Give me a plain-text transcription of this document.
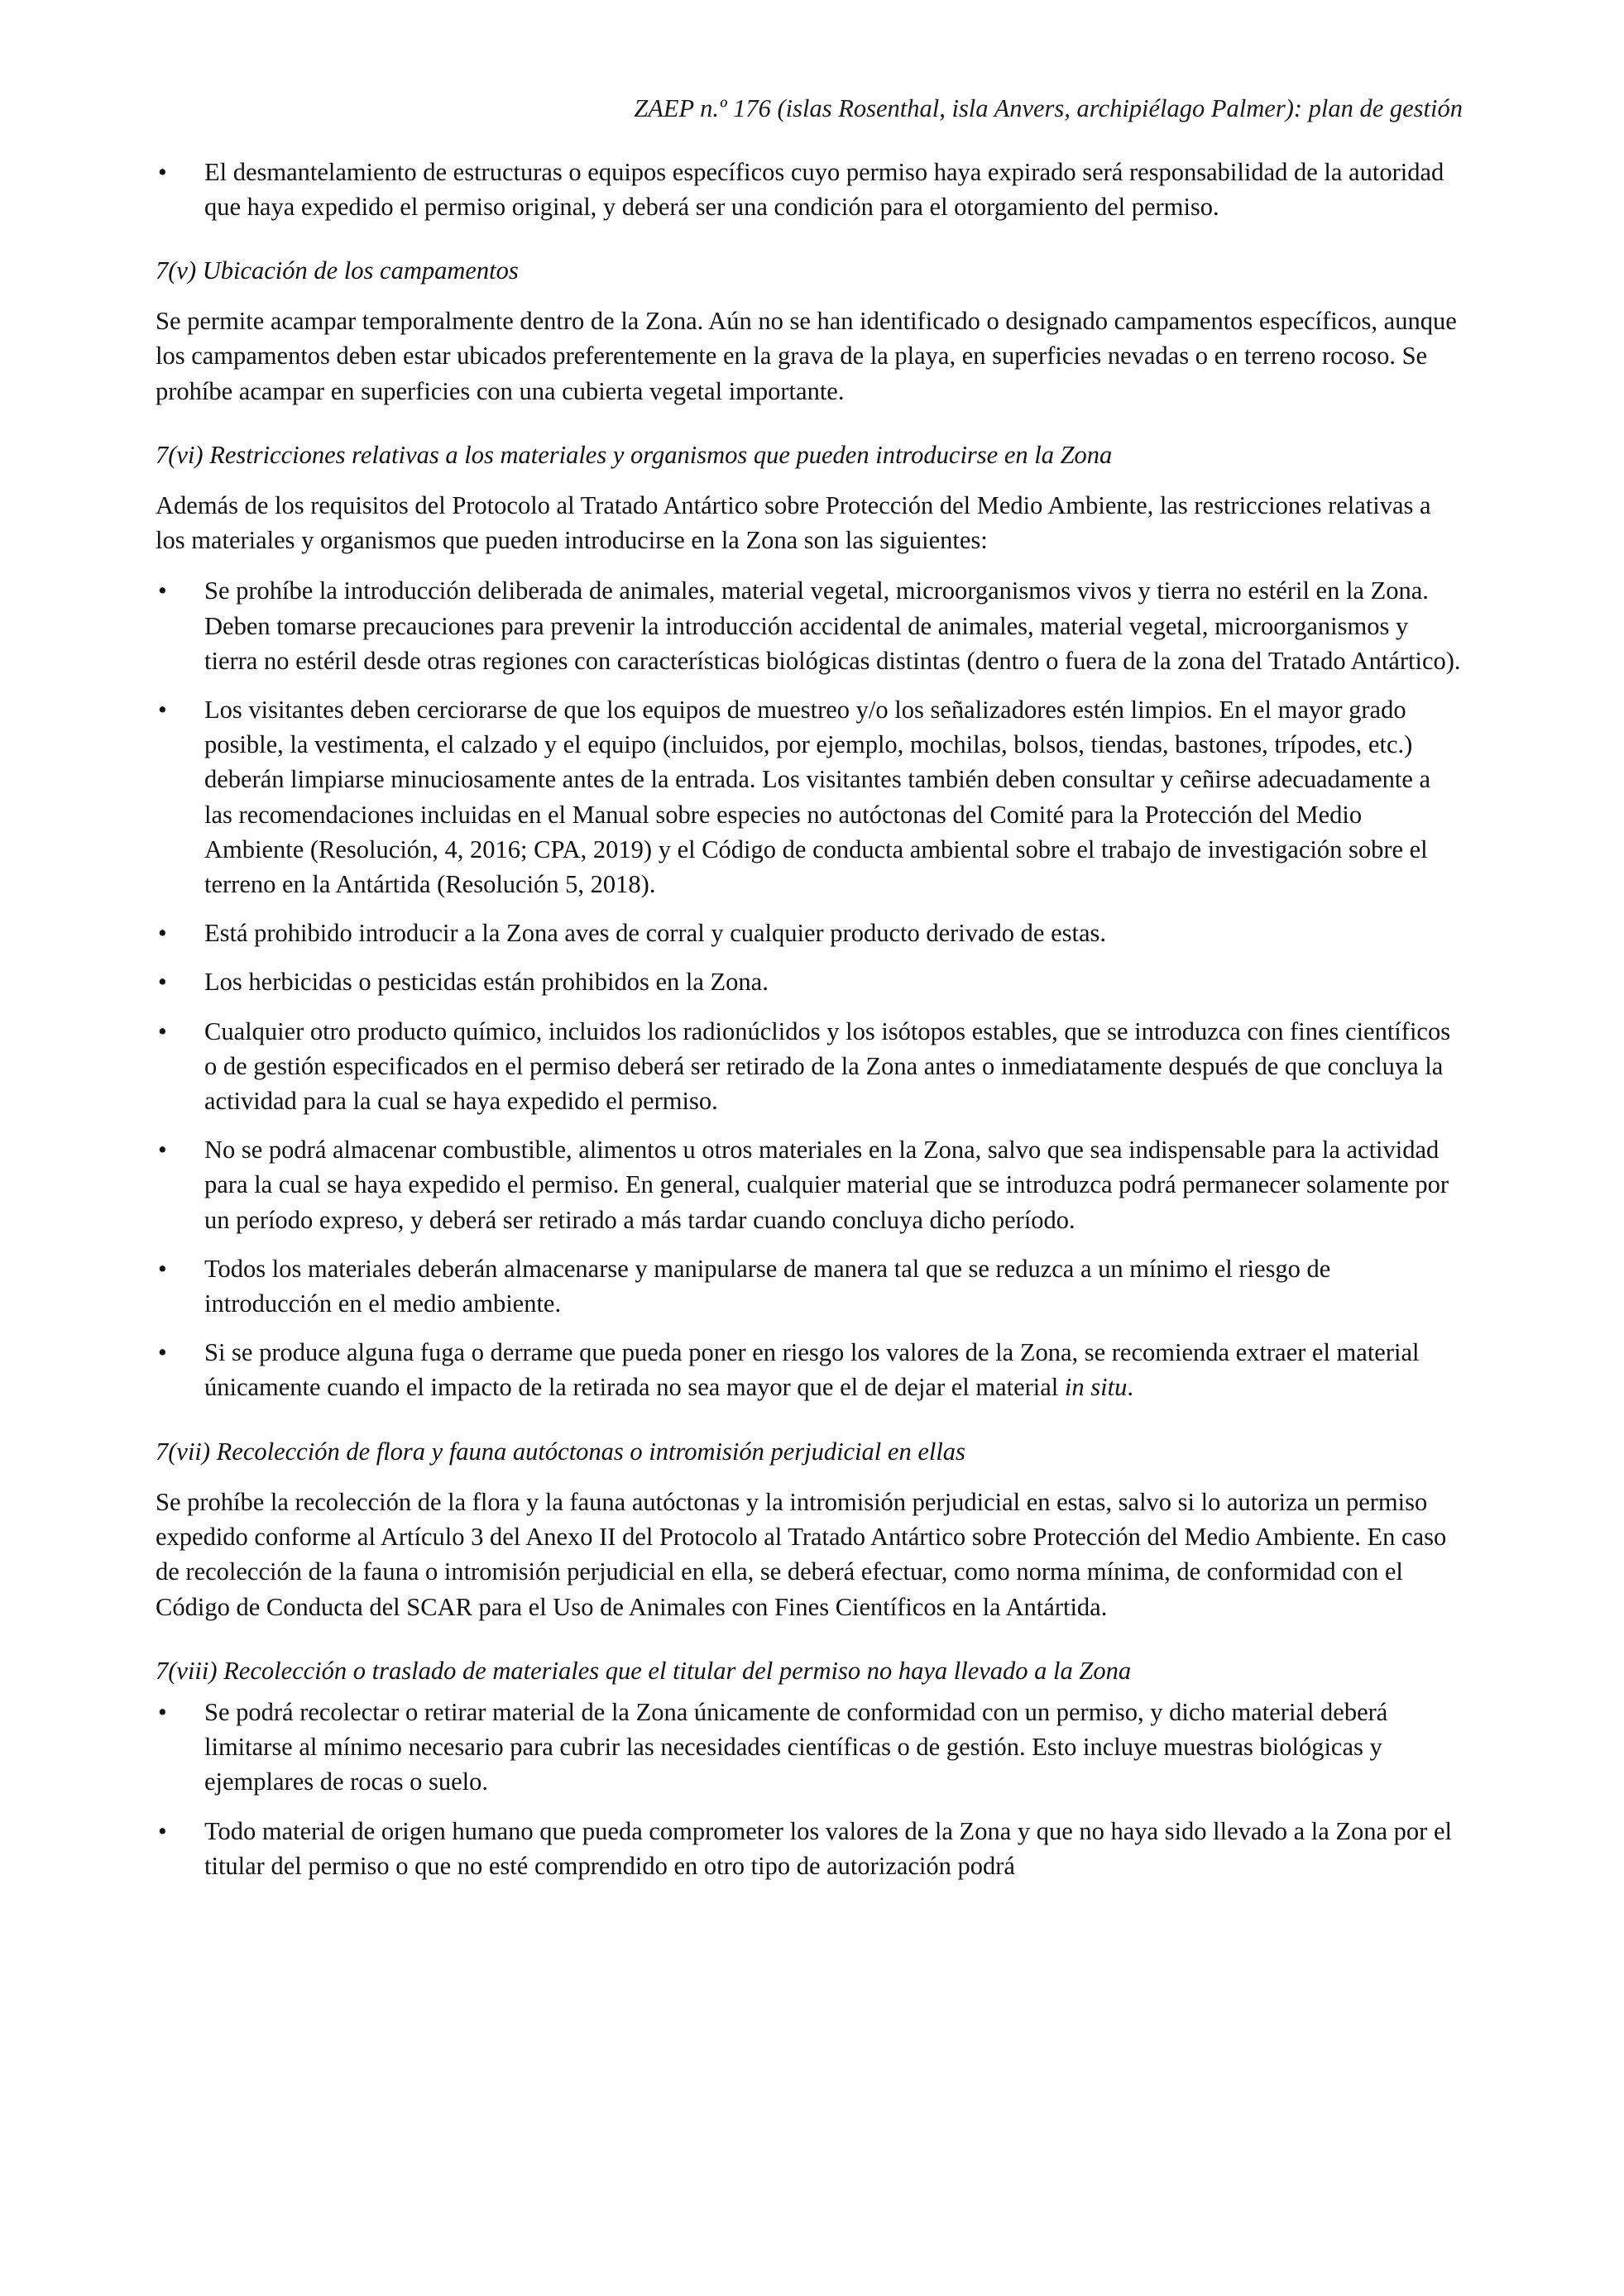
ZAEP n.º 176 (islas Rosenthal, isla Anvers, archipiélago Palmer): plan de gestión
• El desmantelamiento de estructuras o equipos específicos cuyo permiso haya expirado será responsabilidad de la autoridad que haya expedido el permiso original, y deberá ser una condición para el otorgamiento del permiso.
7(v) Ubicación de los campamentos

Se permite acampar temporalmente dentro de la Zona. Aún no se han identificado o designado campamentos específicos, aunque los campamentos deben estar ubicados preferentemente en la grava de la playa, en superficies nevadas o en terreno rocoso. Se prohíbe acampar en superficies con una cubierta vegetal importante.

7(vi) Restricciones relativas a los materiales y organismos que pueden introducirse en la Zona

Además de los requisitos del Protocolo al Tratado Antártico sobre Protección del Medio Ambiente, las restricciones relativas a los materiales y organismos que pueden introducirse en la Zona son las siguientes:

• Se prohíbe la introducción deliberada de animales, material vegetal, microorganismos vivos y tierra no estéril en la Zona. Deben tomarse precauciones para prevenir la introducción accidental de animales, material vegetal, microorganismos y tierra no estéril desde otras regiones con características biológicas distintas (dentro o fuera de la zona del Tratado Antártico).
• Los visitantes deben cerciorarse de que los equipos de muestreo y/o los señalizadores estén limpios. En el mayor grado posible, la vestimenta, el calzado y el equipo (incluidos, por ejemplo, mochilas, bolsos, tiendas, bastones, trípodes, etc.) deberán limpiarse minuciosamente antes de la entrada. Los visitantes también deben consultar y ceñirse adecuadamente a las recomendaciones incluidas en el Manual sobre especies no autóctonas del Comité para la Protección del Medio Ambiente (Resolución, 4, 2016; CPA, 2019) y el Código de conducta ambiental sobre el trabajo de investigación sobre el terreno en la Antártida (Resolución 5, 2018).
• Está prohibido introducir a la Zona aves de corral y cualquier producto derivado de estas.
• Los herbicidas o pesticidas están prohibidos en la Zona.
• Cualquier otro producto químico, incluidos los radionúclidos y los isótopos estables, que se introduzca con fines científicos o de gestión especificados en el permiso deberá ser retirado de la Zona antes o inmediatamente después de que concluya la actividad para la cual se haya expedido el permiso.
• No se podrá almacenar combustible, alimentos u otros materiales en la Zona, salvo que sea indispensable para la actividad para la cual se haya expedido el permiso. En general, cualquier material que se introduzca podrá permanecer solamente por un período expreso, y deberá ser retirado a más tardar cuando concluya dicho período.
• Todos los materiales deberán almacenarse y manipularse de manera tal que se reduzca a un mínimo el riesgo de introducción en el medio ambiente.
• Si se produce alguna fuga o derrame que pueda poner en riesgo los valores de la Zona, se recomienda extraer el material únicamente cuando el impacto de la retirada no sea mayor que el de dejar el material in situ.
7(vii) Recolección de flora y fauna autóctonas o intromisión perjudicial en ellas

Se prohíbe la recolección de la flora y la fauna autóctonas y la intromisión perjudicial en estas, salvo si lo autoriza un permiso expedido conforme al Artículo 3 del Anexo II del Protocolo al Tratado Antártico sobre Protección del Medio Ambiente. En caso de recolección de la fauna o intromisión perjudicial en ella, se deberá efectuar, como norma mínima, de conformidad con el Código de Conducta del SCAR para el Uso de Animales con Fines Científicos en la Antártida.

7(viii) Recolección o traslado de materiales que el titular del permiso no haya llevado a la Zona
• Se podrá recolectar o retirar material de la Zona únicamente de conformidad con un permiso, y dicho material deberá limitarse al mínimo necesario para cubrir las necesidades científicas o de gestión. Esto incluye muestras biológicas y ejemplares de rocas o suelo.
• Todo material de origen humano que pueda comprometer los valores de la Zona y que no haya sido llevado a la Zona por el titular del permiso o que no esté comprendido en otro tipo de autorización podrá
